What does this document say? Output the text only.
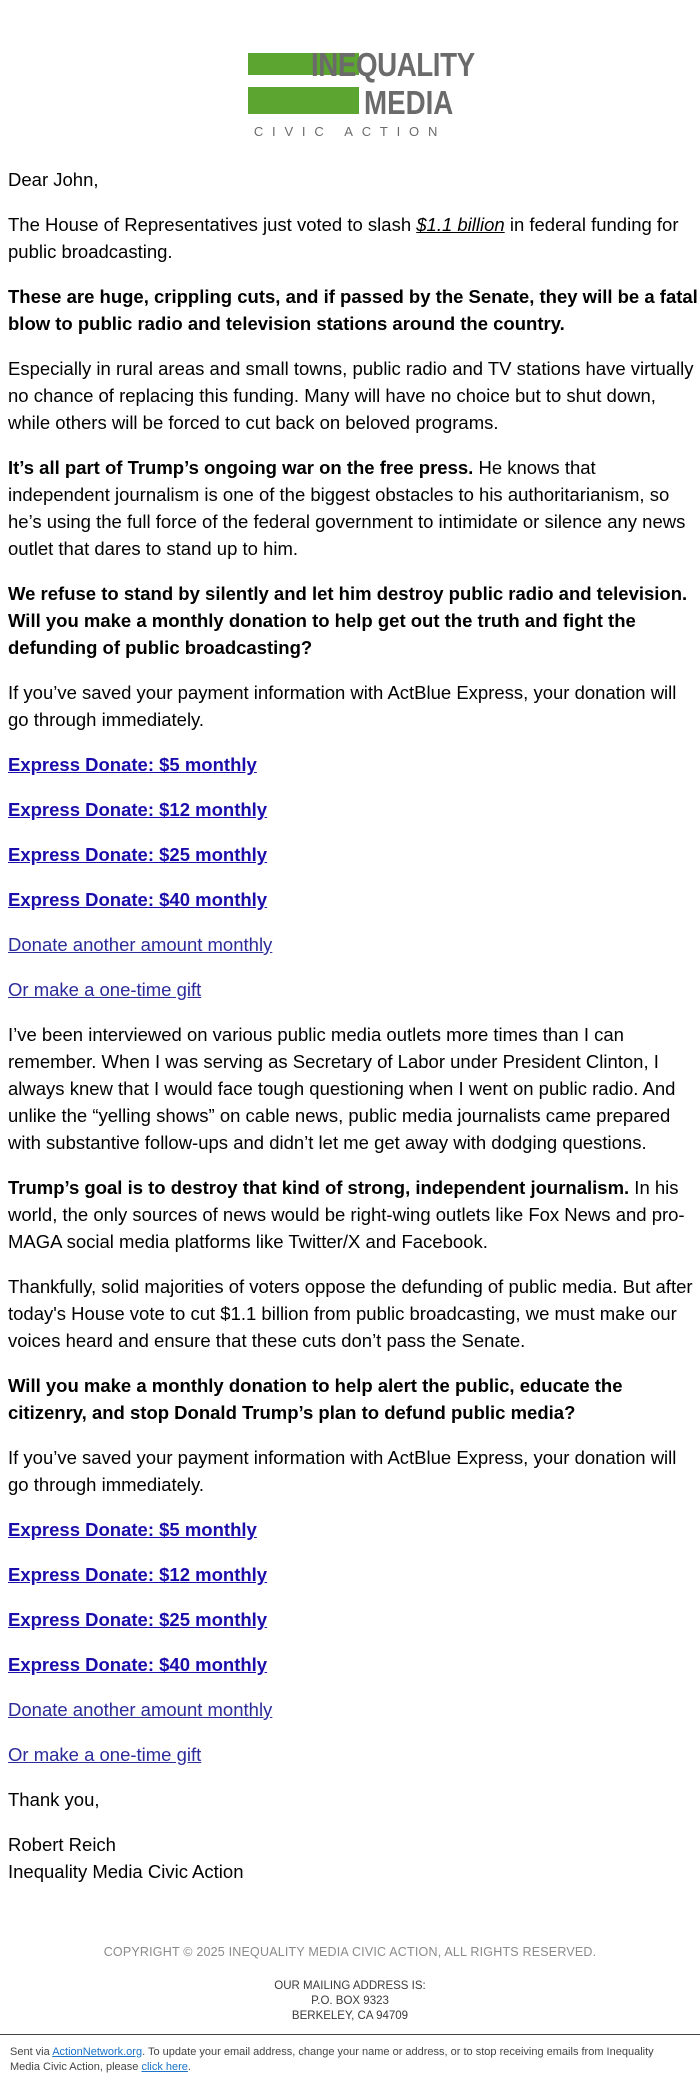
INEQUALITY
MEDIA
CIVIC ACTION

Dear John,

The House of Representatives just voted to slash $1.1 billion in federal funding for public broadcasting.

These are huge, crippling cuts, and if passed by the Senate, they will be a fatal blow to public radio and television stations around the country.

Especially in rural areas and small towns, public radio and TV stations have virtually no chance of replacing this funding. Many will have no choice but to shut down, while others will be forced to cut back on beloved programs.

It’s all part of Trump’s ongoing war on the free press. He knows that independent journalism is one of the biggest obstacles to his authoritarianism, so he’s using the full force of the federal government to intimidate or silence any news outlet that dares to stand up to him.

We refuse to stand by silently and let him destroy public radio and television. Will you make a monthly donation to help get out the truth and fight the defunding of public broadcasting?

If you’ve saved your payment information with ActBlue Express, your donation will go through immediately.

Express Donate: $5 monthly

Express Donate: $12 monthly

Express Donate: $25 monthly

Express Donate: $40 monthly

Donate another amount monthly

Or make a one-time gift

I’ve been interviewed on various public media outlets more times than I can remember. When I was serving as Secretary of Labor under President Clinton, I always knew that I would face tough questioning when I went on public radio. And unlike the “yelling shows” on cable news, public media journalists came prepared with substantive follow-ups and didn’t let me get away with dodging questions.

Trump’s goal is to destroy that kind of strong, independent journalism. In his world, the only sources of news would be right-wing outlets like Fox News and pro-MAGA social media platforms like Twitter/X and Facebook.

Thankfully, solid majorities of voters oppose the defunding of public media. But after today's House vote to cut $1.1 billion from public broadcasting, we must make our voices heard and ensure that these cuts don’t pass the Senate.

Will you make a monthly donation to help alert the public, educate the citizenry, and stop Donald Trump’s plan to defund public media?

If you’ve saved your payment information with ActBlue Express, your donation will go through immediately.

Express Donate: $5 monthly

Express Donate: $12 monthly

Express Donate: $25 monthly

Express Donate: $40 monthly

Donate another amount monthly

Or make a one-time gift

Thank you,

Robert Reich

Inequality Media Civic Action

COPYRIGHT © 2025 INEQUALITY MEDIA CIVIC ACTION, ALL RIGHTS RESERVED.

OUR MAILING ADDRESS IS:
P.O. BOX 9323
BERKELEY, CA 94709
Sent via ActionNetwork.org. To update your email address, change your name or address, or to stop receiving emails from Inequality Media Civic Action, please click here.
